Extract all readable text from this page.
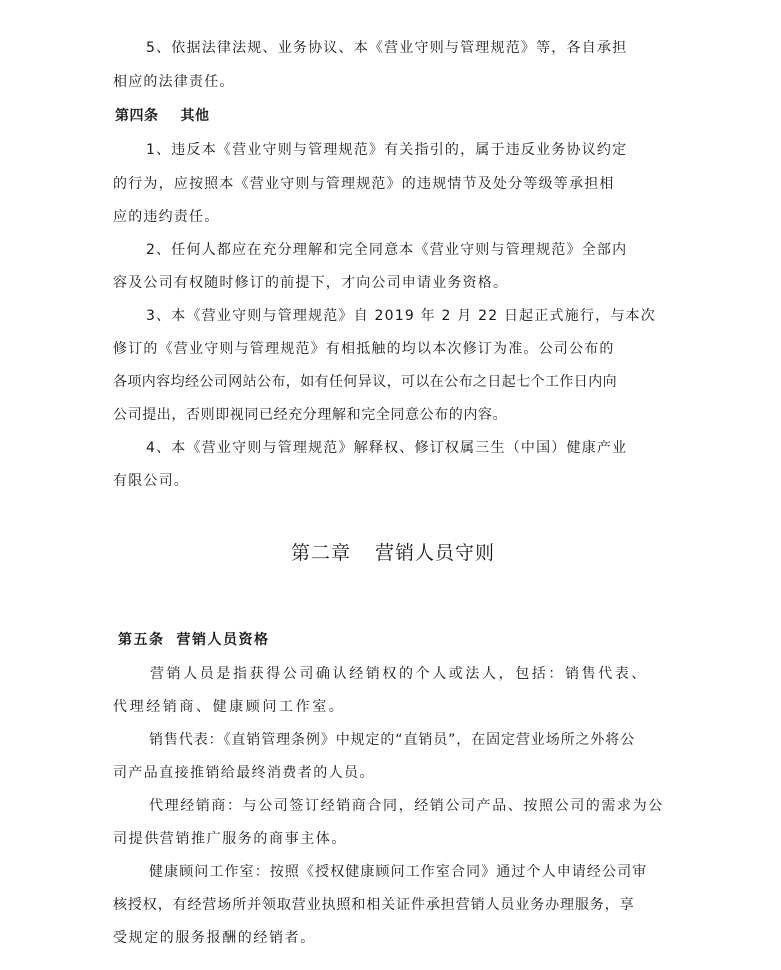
5、依据法律法规、业务协议、本《营业守则与管理规范》等，各自承担
相应的法律责任。
第四条 其他
1、违反本《营业守则与管理规范》有关指引的，属于违反业务协议约定
的行为，应按照本《营业守则与管理规范》的违规情节及处分等级等承担相
应的违约责任。
2、任何人都应在充分理解和完全同意本《营业守则与管理规范》全部内
容及公司有权随时修订的前提下，才向公司申请业务资格。
3、本《营业守则与管理规范》自 2019 年 2 月 22 日起正式施行，与本次
修订的《营业守则与管理规范》有相抵触的均以本次修订为准。公司公布的
各项内容均经公司网站公布，如有任何异议，可以在公布之日起七个工作日内向
公司提出，否则即视同已经充分理解和完全同意公布的内容。
4、本《营业守则与管理规范》解释权、修订权属三生（中国）健康产业
有限公司。
第二章 营销人员守则
第五条 营销人员资格
营销人员是指获得公司确认经销权的个人或法人，包括：销售代表、
代理经销商、健康顾问工作室。
销售代表：《直销管理条例》中规定的“直销员”，在固定营业场所之外将公
司产品直接推销给最终消费者的人员。
代理经销商：与公司签订经销商合同，经销公司产品、按照公司的需求为公
司提供营销推广服务的商事主体。
健康顾问工作室：按照《授权健康顾问工作室合同》通过个人申请经公司审
核授权，有经营场所并领取营业执照和相关证件承担营销人员业务办理服务，享
受规定的服务报酬的经销者。
